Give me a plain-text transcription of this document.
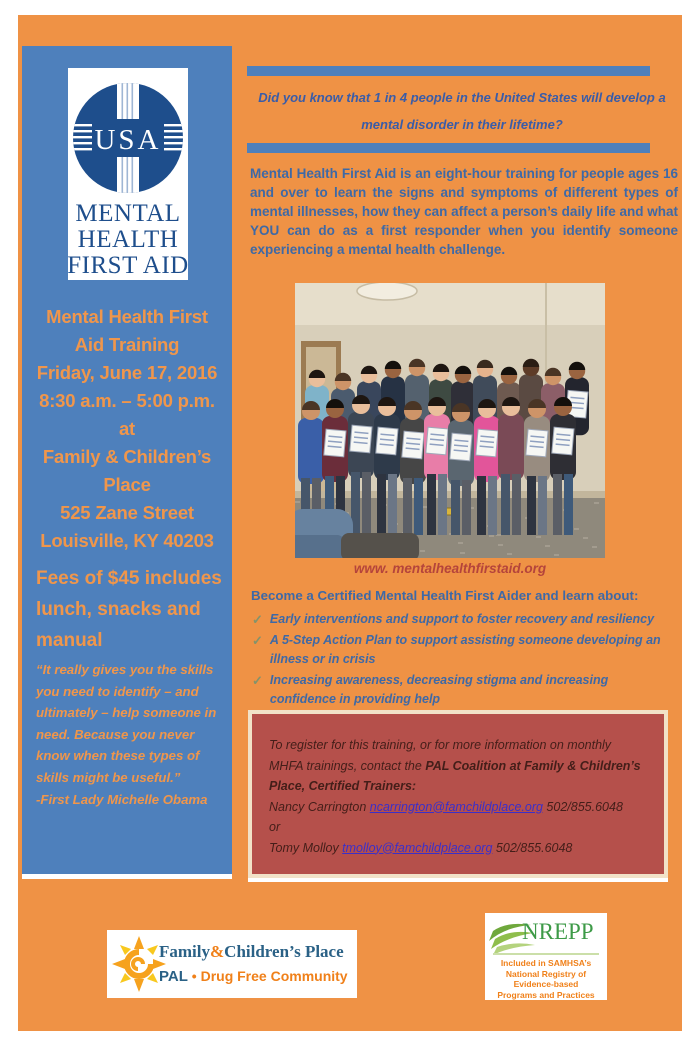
USA
MENTAL
HEALTH
FIRST AID
Mental Health First
Aid Training
Friday, June 17, 2016
8:30 a.m. – 5:00 p.m.
at
Family & Children’s
Place
525 Zane Street
Louisville, KY 40203
Fees of $45 includes
lunch, snacks and
manual
“It really gives you the skills you need to identify – and ultimately – help someone in need. Because you never know when these types of skills might be useful.”
-First Lady Michelle Obama
Did you know that 1 in 4 people in the United States will develop a mental disorder in their lifetime?
Mental Health First Aid is an eight-hour training for people ages 16 and over to learn the signs and symptoms of different types of mental illnesses, how they can affect a person’s daily life and what YOU can do as a first responder when you identify someone experiencing a mental health challenge.
www. mentalhealthfirstaid.org
Become a Certified Mental Health First Aider and learn about:
✓ Early interventions and support to foster recovery and resiliency
✓ A 5-Step Action Plan to support assisting someone developing an illness or in crisis
✓ Increasing awareness, decreasing stigma and increasing confidence in providing help
To register for this training, or for more information on monthly MHFA trainings, contact the PAL Coalition at Family & Children’s Place, Certified Trainers:
Nancy Carrington ncarrington@famchildplace.org 502/855.6048
or
Tomy Molloy tmolloy@famchildplace.org 502/855.6048
Family&Children’s Place
PAL • Drug Free Community
NREPP
Included in SAMHSA’s
National Registry of
Evidence-based
Programs and Practices
